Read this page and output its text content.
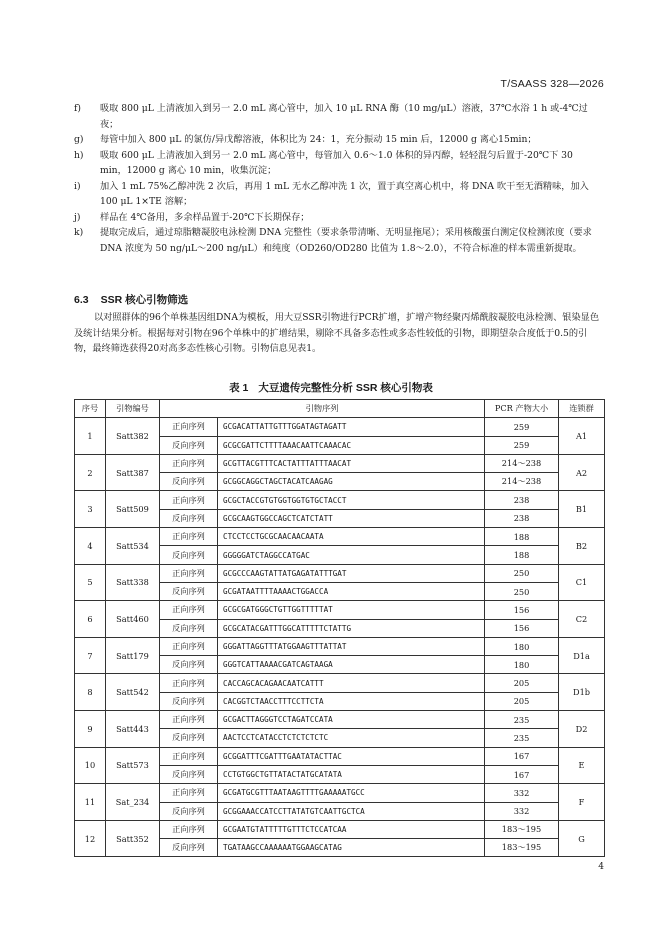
T/SAASS 328—2026
f)	吸取 800 μL 上清液加入到另一 2.0 mL 离心管中，加入 10 μL RNA 酶（10 mg/μL）溶液，37℃水浴 1 h 或-4℃过夜；
g)	每管中加入 800 μL 的氯仿/异戊醇溶液，体积比为 24：1，充分振动 15 min 后，12000 g 离心15min；
h)	吸取 600 μL 上清液加入到另一 2.0 mL 离心管中，每管加入 0.6～1.0 体积的异丙醇，轻轻混匀后置于-20℃下 30 min，12000 g 离心 10 min，收集沉淀；
i)	加入 1 mL 75%乙醇冲洗 2 次后，再用 1 mL 无水乙醇冲洗 1 次，置于真空离心机中，将 DNA 吹干至无酒精味，加入 100 μL 1×TE 溶解；
j)	样品在 4℃备用，多余样品置于-20℃下长期保存；
k)	提取完成后，通过琼脂糖凝胶电泳检测 DNA 完整性（要求条带清晰、无明显拖尾）；采用核酸蛋白测定仪检测浓度（要求 DNA 浓度为 50 ng/μL～200 ng/μL）和纯度（OD260/OD280 比值为 1.8～2.0），不符合标准的样本需重新提取。
6.3 SSR 核心引物筛选
以对照群体的96个单株基因组DNA为模板，用大豆SSR引物进行PCR扩增，扩增产物经聚丙烯酰胺凝胶电泳检测、银染显色及统计结果分析。根据每对引物在96个单株中的扩增结果，剔除不具备多态性或多态性较低的引物，即期望杂合度低于0.5的引物，最终筛选获得20对高多态性核心引物。引物信息见表1。
表 1 大豆遗传完整性分析 SSR 核心引物表
序号	引物编号	引物序列		PCR 产物大小	连锁群
1	Satt382	正向序列	GCGACATTATTGTTTGGATAGTAGATT	259	A1
		反向序列	GCGCGATTCTTTTAAACAATTCAAACAC	259	
2	Satt387	正向序列	GCGTTACGTTTCACTATTTATTTAACAT	214～238	A2
		反向序列	GCGGCAGGCTAGCTACATCAAGAG	214～238	
3	Satt509	正向序列	GCGCTACCGTGTGGTGGTGTGCTACCT	238	B1
		反向序列	GCGCAAGTGGCCAGCTCATCTATT	238	
4	Satt534	正向序列	CTCCTCCTGCGCAACAACAATA	188	B2
		反向序列	GGGGGATCTAGGCCATGAC	188	
5	Satt338	正向序列	GCGCCCAAGTATTATGAGATATTTGAT	250	C1
		反向序列	GCGATAATTTTAAAACTGGACCA	250	
6	Satt460	正向序列	GCGCGATGGGCTGTTGGTTTTTAT	156	C2
		反向序列	GCGCATACGATTTGGCATTTTTCTATTG	156	
7	Satt179	正向序列	GGGATTAGGTTTATGGAAGTTTATTAT	180	D1a
		反向序列	GGGTCATTAAAACGATCAGTAAGA	180	
8	Satt542	正向序列	CACCAGCACAGAACAATCATTT	205	D1b
		反向序列	CACGGTCTAACCTTTCCTTCTA	205	
9	Satt443	正向序列	GCGACTTAGGGTCCTAGATCCATA	235	D2
		反向序列	AACTCCTCATACCTCTCTCTCTC	235	
10	Satt573	正向序列	GCGGATTTCGATTTGAATATACTTAC	167	E
		反向序列	CCTGTGGCTGTTATACTATGCATATA	167	
11	Sat_234	正向序列	GCGATGCGTTTAATAAGTTTTGAAAAATGCC	332	F
		反向序列	GCGGAAACCATCCTTATATGTCAATTGCTCA	332	
12	Satt352	正向序列	GCGAATGTATTTTTGTTTCTCCATCAA	183～195	G
		反向序列	TGATAAGCCAAAAAATGGAAGCATAG	183～195	
4
